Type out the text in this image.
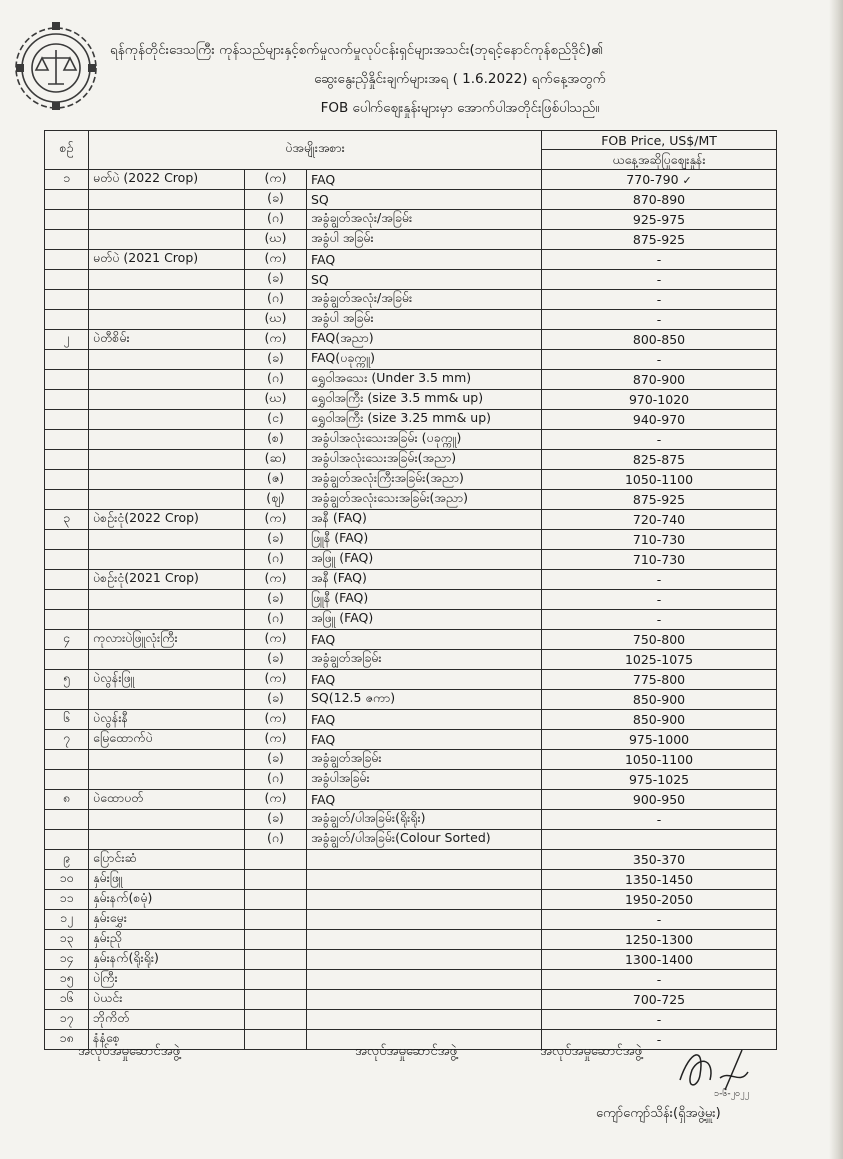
ရန်ကုန်တိုင်းဒေသကြီး ကုန်သည်များနှင့်စက်မှုလက်မှုလုပ်ငန်းရှင်များအသင်း(ဘုရင့်နောင်ကုန်စည်ဒိုင်)၏
ဆွေးနွေးညှိနှိုင်းချက်များအရ ( 1.6.2022) ရက်နေ့အတွက်
FOB ပေါက်ဈေးနှုန်းများမှာ အောက်ပါအတိုင်းဖြစ်ပါသည်။
စဉ်	ပဲအမျိုးအစား			FOB Price, US$/MT
				ယနေ့အဆိုပြုဈေးနှုန်း
၁	မတ်ပဲ (2022 Crop)	(က)	FAQ	770-790 ✓
		(ခ)	SQ	870-890
		(ဂ)	အခွံချွတ်အလုံး/အခြမ်း	925-975
		(ဃ)	အခွံပါ အခြမ်း	875-925
	မတ်ပဲ (2021 Crop)	(က)	FAQ	-
		(ခ)	SQ	-
		(ဂ)	အခွံချွတ်အလုံး/အခြမ်း	-
		(ဃ)	အခွံပါ အခြမ်း	-
၂	ပဲတီစိမ်း	(က)	FAQ(အညာ)	800-850
		(ခ)	FAQ(ပခုက္ကူ)	-
		(ဂ)	ရွှေဝါအသေး (Under 3.5 mm)	870-900
		(ဃ)	ရွှေဝါအကြီး (size 3.5 mm& up)	970-1020
		(င)	ရွှေဝါအကြီး (size 3.25 mm& up)	940-970
		(စ)	အခွံပါအလုံးသေးအခြမ်း (ပခုက္ကူ)	-
		(ဆ)	အခွံပါအလုံးသေးအခြမ်း(အညာ)	825-875
		(ဇ)	အခွံချွတ်အလုံးကြီးအခြမ်း(အညာ)	1050-1100
		(ဈ)	အခွံချွတ်အလုံးသေးအခြမ်း(အညာ)	875-925
၃	ပဲစဉ်းငုံ(2022 Crop)	(က)	အနီ (FAQ)	720-740
		(ခ)	ဖြူနီ (FAQ)	710-730
		(ဂ)	အဖြူ (FAQ)	710-730
	ပဲစဉ်းငုံ(2021 Crop)	(က)	အနီ (FAQ)	-
		(ခ)	ဖြူနီ (FAQ)	-
		(ဂ)	အဖြူ (FAQ)	-
၄	ကုလားပဲဖြူလုံးကြီး	(က)	FAQ	750-800
		(ခ)	အခွံချွတ်အခြမ်း	1025-1075
၅	ပဲလွန်းဖြူ	(က)	FAQ	775-800
		(ခ)	SQ(12.5 ဇကာ)	850-900
၆	ပဲလွန်းနီ	(က)	FAQ	850-900
၇	မြေထောက်ပဲ	(က)	FAQ	975-1000
		(ခ)	အခွံချွတ်အခြမ်း	1050-1100
		(ဂ)	အခွံပါအခြမ်း	975-1025
၈	ပဲထောပတ်	(က)	FAQ	900-950
		(ခ)	အခွံချွတ်/ပါအခြမ်း(ရိုးရိုး)	-
		(ဂ)	အခွံချွတ်/ပါအခြမ်း(Colour Sorted)	
၉	ပြောင်းဆံ			350-370
၁၀	နှမ်းဖြူ			1350-1450
၁၁	နှမ်းနက်(စမုံ)			1950-2050
၁၂	နှမ်းမွှေး			-
၁၃	နှမ်းညို			1250-1300
၁၄	နှမ်းနက်(ရိုးရိုး)			1300-1400
၁၅	ပဲကြီး			-
၁၆	ပဲယင်း			700-725
၁၇	ဘိုကိတ်			-
၁၈	နံနံစေ့			-
အလုပ်အမှုဆောင်အဖွဲ့	အလုပ်အမှုဆောင်အဖွဲ့	အလုပ်အမှုဆောင်အဖွဲ့
၁-၆-၂၀၂၂
ကျော်ကျော်သိန်း(ရှိအဖွဲ့မှူး)
